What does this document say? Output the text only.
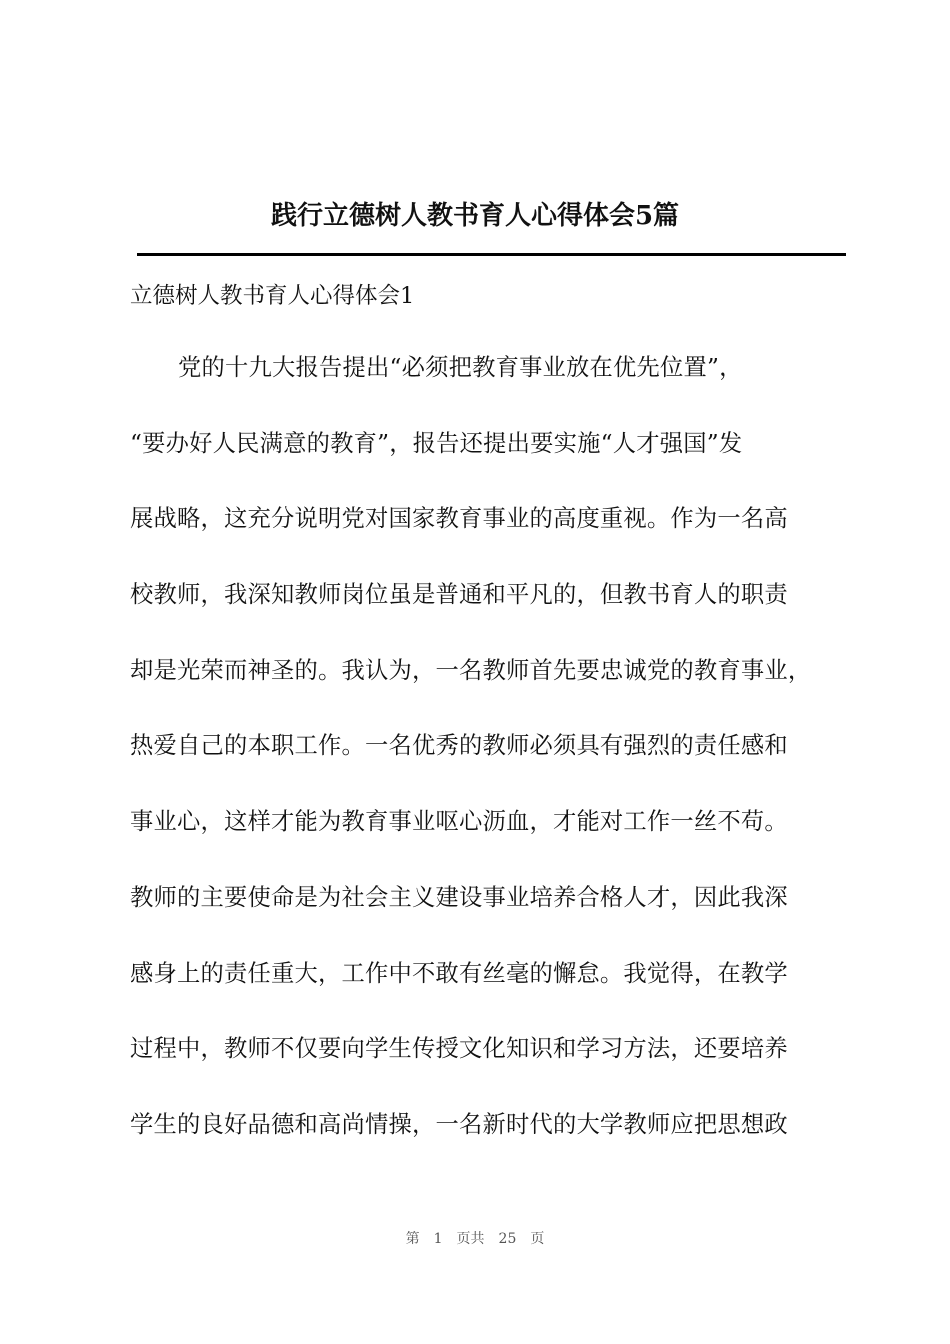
践行立德树人教书育人心得体会5篇

立德树人教书育人心得体会1

党的十九大报告提出“必须把教育事业放在优先位置”，
“要办好人民满意的教育”，报告还提出要实施“人才强国”发
展战略，这充分说明党对国家教育事业的高度重视。作为一名高
校教师，我深知教师岗位虽是普通和平凡的，但教书育人的职责
却是光荣而神圣的。我认为，一名教师首先要忠诚党的教育事业，
热爱自己的本职工作。一名优秀的教师必须具有强烈的责任感和
事业心，这样才能为教育事业呕心沥血，才能对工作一丝不苟。
教师的主要使命是为社会主义建设事业培养合格人才，因此我深
感身上的责任重大，工作中不敢有丝毫的懈怠。我觉得，在教学
过程中，教师不仅要向学生传授文化知识和学习方法，还要培养
学生的良好品德和高尚情操，一名新时代的大学教师应把思想政
第 1 页共 25 页
